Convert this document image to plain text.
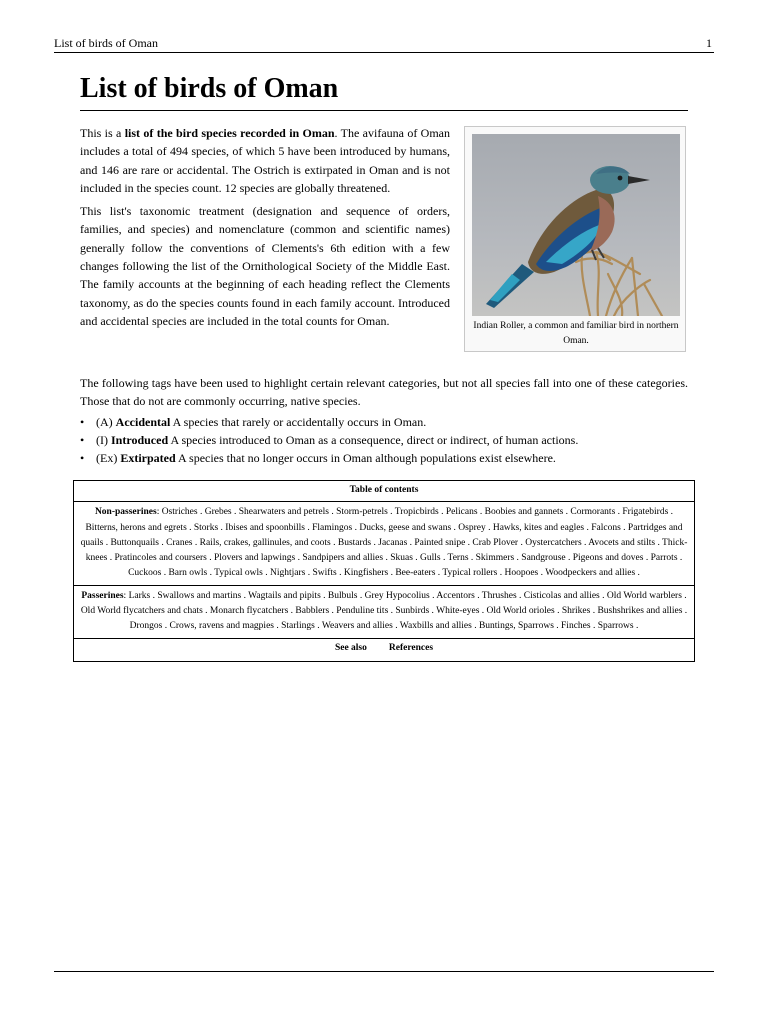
List of birds of Oman	1
List of birds of Oman

This is a list of the bird species recorded in Oman. The avifauna of Oman includes a total of 494 species, of which 5 have been introduced by humans, and 146 are rare or accidental. The Ostrich is extirpated in Oman and is not included in the species count. 12 species are globally threatened.

This list's taxonomic treatment (designation and sequence of orders, families, and species) and nomenclature (common and scientific names) generally follow the conventions of Clements's 6th edition with a few changes following the list of the Ornithological Society of the Middle East. The family accounts at the beginning of each heading reflect the Clements taxonomy, as do the species counts found in each family account. Introduced and accidental species are included in the total counts for Oman.	Indian Roller, a common and familiar bird in northern Oman.

The following tags have been used to highlight certain relevant categories, but not all species fall into one of these categories. Those that do not are commonly occurring, native species.

• (A) Accidental A species that rarely or accidentally occurs in Oman.
• (I) Introduced A species introduced to Oman as a consequence, direct or indirect, of human actions.
• (Ex) Extirpated A species that no longer occurs in Oman although populations exist elsewhere.
Table of contents
Non-passerines: Ostriches . Grebes . Shearwaters and petrels . Storm-petrels . Tropicbirds . Pelicans . Boobies and gannets . Cormorants . Frigatebirds . Bitterns, herons and egrets . Storks . Ibises and spoonbills . Flamingos . Ducks, geese and swans . Osprey . Hawks, kites and eagles . Falcons . Partridges and quails . Buttonquails . Cranes . Rails, crakes, gallinules, and coots . Bustards . Jacanas . Painted snipe . Crab Plover . Oystercatchers . Avocets and stilts . Thick-knees . Pratincoles and coursers . Plovers and lapwings . Sandpipers and allies . Skuas . Gulls . Terns . Skimmers . Sandgrouse . Pigeons and doves . Parrots . Cuckoos . Barn owls . Typical owls . Nightjars . Swifts . Kingfishers . Bee-eaters . Typical rollers . Hoopoes . Woodpeckers and allies .
Passerines: Larks . Swallows and martins . Wagtails and pipits . Bulbuls . Grey Hypocolius . Accentors . Thrushes . Cisticolas and allies . Old World warblers . Old World flycatchers and chats . Monarch flycatchers . Babblers . Penduline tits . Sunbirds . White-eyes . Old World orioles . Shrikes . Bushshrikes and allies . Drongos . Crows, ravens and magpies . Starlings . Weavers and allies . Waxbills and allies . Buntings, Sparrows . Finches . Sparrows .
See also References
